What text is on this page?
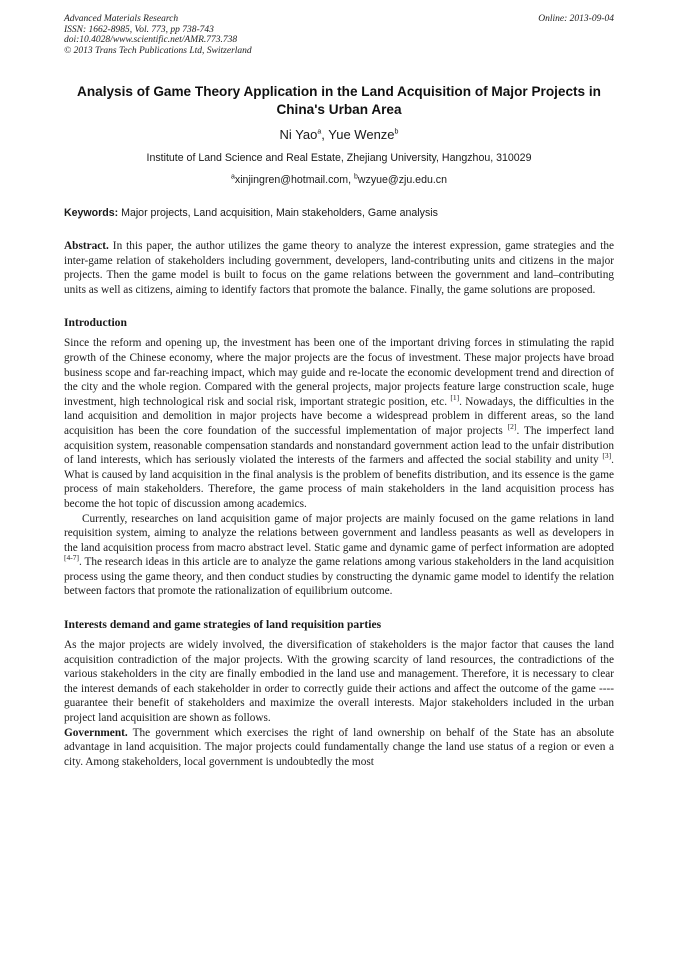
Advanced Materials Research
ISSN: 1662-8985, Vol. 773, pp 738-743
doi:10.4028/www.scientific.net/AMR.773.738
© 2013 Trans Tech Publications Ltd, Switzerland
Online: 2013-09-04
Analysis of Game Theory Application in the Land Acquisition of Major Projects in China's Urban Area
Ni Yao$^a$, Yue Wenze$^b$
Institute of Land Science and Real Estate, Zhejiang University, Hangzhou, 310029
$^a$xinjingren@hotmail.com, $^b$wzyue@zju.edu.cn
Keywords: Major projects, Land acquisition, Main stakeholders, Game analysis

Abstract. In this paper, the author utilizes the game theory to analyze the interest expression, game strategies and the inter-game relation of stakeholders including government, developers, land-contributing units and citizens in the major projects. Then the game model is built to focus on the game relations between the government and land–contributing units as well as citizens, aiming to identify factors that promote the balance. Finally, the game solutions are proposed.

Introduction

Since the reform and opening up, the investment has been one of the important driving forces in stimulating the rapid growth of the Chinese economy, where the major projects are the focus of investment. These major projects have broad business scope and far-reaching impact, which may guide and re-locate the economic development trend and direction of the city and the whole region. Compared with the general projects, major projects feature large construction scale, huge investment, high technological risk and social risk, important strategic position, etc. [1]. Nowadays, the difficulties in the land acquisition and demolition in major projects have become a widespread problem in different areas, so the land acquisition has been the core foundation of the successful implementation of major projects [2]. The imperfect land acquisition system, reasonable compensation standards and nonstandard government action lead to the unfair distribution of land interests, which has seriously violated the interests of the farmers and affected the social stability and unity [3]. What is caused by land acquisition in the final analysis is the problem of benefits distribution, and its essence is the game process of main stakeholders. Therefore, the game process of main stakeholders in the land acquisition process has become the hot topic of discussion among academics.

Currently, researches on land acquisition game of major projects are mainly focused on the game relations in land requisition system, aiming to analyze the relations between government and landless peasants as well as developers in the land acquisition process from macro abstract level. Static game and dynamic game of perfect information are adopted [4-7]. The research ideas in this article are to analyze the game relations among various stakeholders in the land acquisition process using the game theory, and then conduct studies by constructing the dynamic game model to identify the relation between factors that promote the rationalization of equilibrium outcome.

Interests demand and game strategies of land requisition parties

As the major projects are widely involved, the diversification of stakeholders is the major factor that causes the land acquisition contradiction of the major projects. With the growing scarcity of land resources, the contradictions of the various stakeholders in the city are finally embodied in the land use and management. Therefore, it is necessary to clear the interest demands of each stakeholder in order to correctly guide their actions and affect the outcome of the game ---- guarantee their benefit of stakeholders and maximize the overall interests. Major stakeholders included in the urban project land acquisition are shown as follows.

Government. The government which exercises the right of land ownership on behalf of the State has an absolute advantage in land acquisition. The major projects could fundamentally change the land use status of a region or even a city. Among stakeholders, local government is undoubtedly the most
